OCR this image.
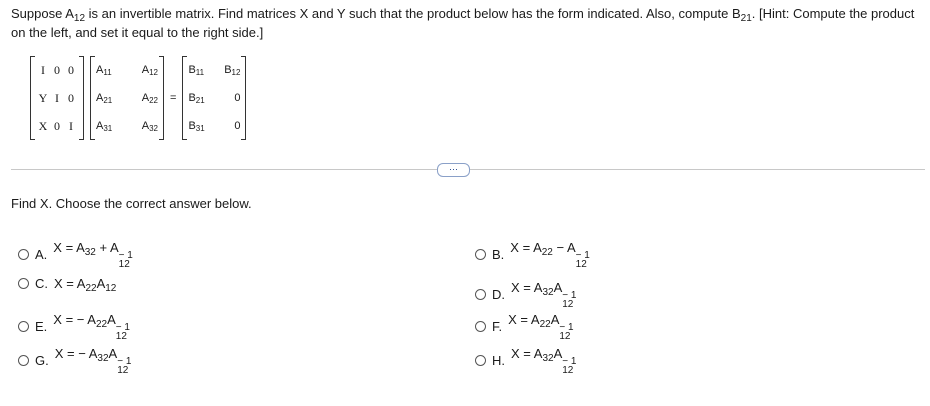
Suppose $A_{12}$ is an invertible matrix. Find matrices X and Y such that the product below has the form indicated. Also, compute $B_{21}$. [Hint: Compute the product on the left, and set it equal to the right side.]
I 0 0
Y I 0
X 0 I
A11	A12
A21	A22
A31	A32
=
B11 B12
B21	0
B31	0
⋯
Find X. Choose the correct answer below.
A. $X = A_{32} + A$
− 1
12
B. $X = A_{22} - A$
− 1
12
C. $X = A_{22}A_{12}$	D. $X = A_{32}A$
− 1
12
E. X = − $A_{22}A$
− 1
12
F. $X = A_{22}A$
− 1
12
G. X = − $A_{32}A$
− 1
12
H. $X = A_{32}A$
− 1
12
